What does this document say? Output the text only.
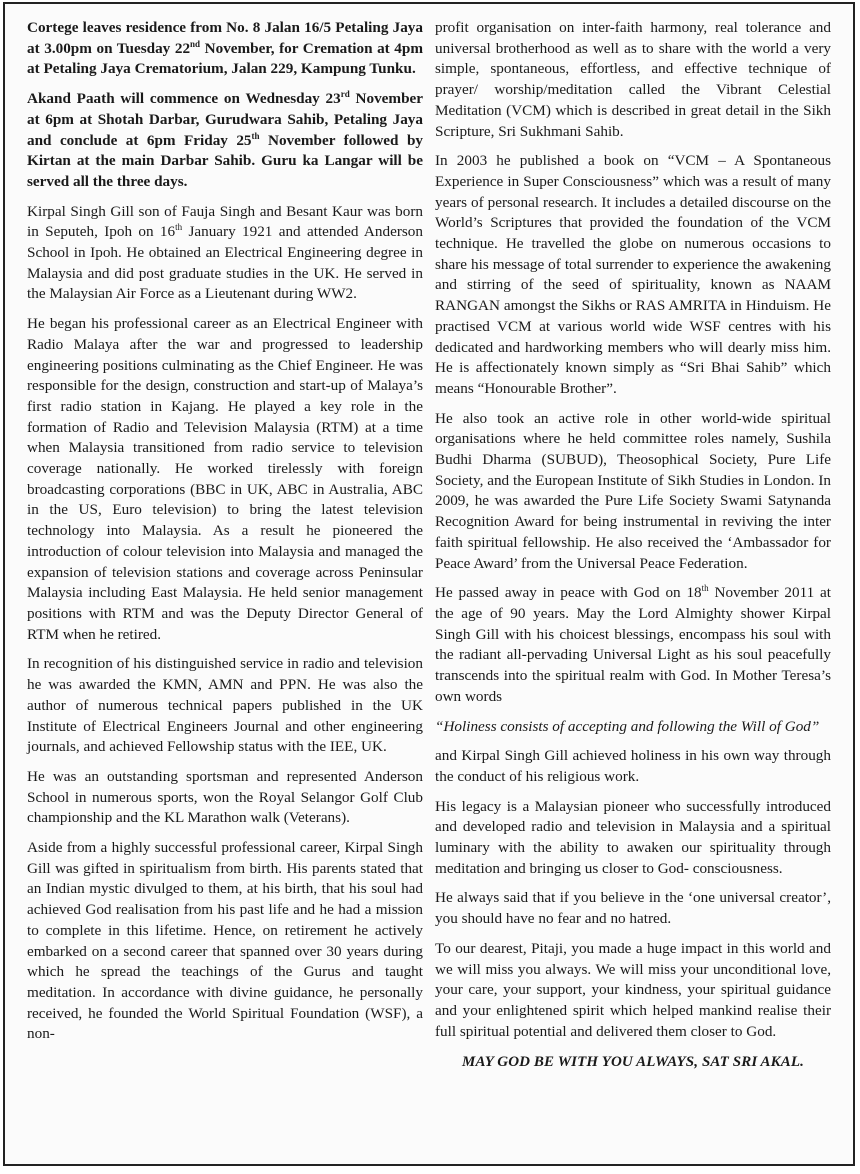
Cortege leaves residence from No. 8 Jalan 16/5 Petaling Jaya at 3.00pm on Tuesday 22nd November, for Cremation at 4pm at Petaling Jaya Crematorium, Jalan 229, Kampung Tunku.

Akand Paath will commence on Wednesday 23rd November at 6pm at Shotah Darbar, Gurudwara Sahib, Petaling Jaya and conclude at 6pm Friday 25th November followed by Kirtan at the main Darbar Sahib. Guru ka Langar will be served all the three days.

Kirpal Singh Gill son of Fauja Singh and Besant Kaur was born in Seputeh, Ipoh on 16th January 1921 and attended Anderson School in Ipoh. He obtained an Electrical Engineering degree in Malaysia and did post graduate studies in the UK. He served in the Malaysian Air Force as a Lieutenant during WW2.

He began his professional career as an Electrical Engineer with Radio Malaya after the war and progressed to leadership engineering positions culminating as the Chief Engineer. He was responsible for the design, construction and start-up of Malaya’s first radio station in Kajang. He played a key role in the formation of Radio and Television Malaysia (RTM) at a time when Malaysia transitioned from radio service to television coverage nationally. He worked tirelessly with foreign broadcasting corporations (BBC in UK, ABC in Australia, ABC in the US, Euro television) to bring the latest television technology into Malaysia. As a result he pioneered the introduction of colour television into Malaysia and managed the expansion of television stations and coverage across Peninsular Malaysia including East Malaysia. He held senior management positions with RTM and was the Deputy Director General of RTM when he retired.

In recognition of his distinguished service in radio and television he was awarded the KMN, AMN and PPN. He was also the author of numerous technical papers published in the UK Institute of Electrical Engineers Journal and other engineering journals, and achieved Fellowship status with the IEE, UK.

He was an outstanding sportsman and represented Anderson School in numerous sports, won the Royal Selangor Golf Club championship and the KL Marathon walk (Veterans).

Aside from a highly successful professional career, Kirpal Singh Gill was gifted in spiritualism from birth. His parents stated that an Indian mystic divulged to them, at his birth, that his soul had achieved God realisation from his past life and he had a mission to complete in this lifetime. Hence, on retirement he actively embarked on a second career that spanned over 30 years during which he spread the teachings of the Gurus and taught meditation. In accordance with divine guidance, he personally received, he founded the World Spiritual Foundation (WSF), a non-

profit organisation on inter-faith harmony, real tolerance and universal brotherhood as well as to share with the world a very simple, spontaneous, effortless, and effective technique of prayer/ worship/meditation called the Vibrant Celestial Meditation (VCM) which is described in great detail in the Sikh Scripture, Sri Sukhmani Sahib.

In 2003 he published a book on “VCM – A Spontaneous Experience in Super Consciousness” which was a result of many years of personal research. It includes a detailed discourse on the World’s Scriptures that provided the foundation of the VCM technique. He travelled the globe on numerous occasions to share his message of total surrender to experience the awakening and stirring of the seed of spirituality, known as NAAM RANGAN amongst the Sikhs or RAS AMRITA in Hinduism. He practised VCM at various world wide WSF centres with his dedicated and hardworking members who will dearly miss him. He is affectionately known simply as “Sri Bhai Sahib” which means “Honourable Brother”.

He also took an active role in other world-wide spiritual organisations where he held committee roles namely, Sushila Budhi Dharma (SUBUD), Theosophical Society, Pure Life Society, and the European Institute of Sikh Studies in London. In 2009, he was awarded the Pure Life Society Swami Satynanda Recognition Award for being instrumental in reviving the inter faith spiritual fellowship. He also received the ‘Ambassador for Peace Award’ from the Universal Peace Federation.

He passed away in peace with God on 18th November 2011 at the age of 90 years. May the Lord Almighty shower Kirpal Singh Gill with his choicest blessings, encompass his soul with the radiant all-pervading Universal Light as his soul peacefully transcends into the spiritual realm with God. In Mother Teresa’s own words

“Holiness consists of accepting and following the Will of God”

and Kirpal Singh Gill achieved holiness in his own way through the conduct of his religious work.

His legacy is a Malaysian pioneer who successfully introduced and developed radio and television in Malaysia and a spiritual luminary with the ability to awaken our spirituality through meditation and bringing us closer to God- consciousness.

He always said that if you believe in the ‘one universal creator’, you should have no fear and no hatred.

To our dearest, Pitaji, you made a huge impact in this world and we will miss you always. We will miss your unconditional love, your care, your support, your kindness, your spiritual guidance and your enlightened spirit which helped mankind realise their full spiritual potential and delivered them closer to God.

MAY GOD BE WITH YOU ALWAYS, SAT SRI AKAL.
